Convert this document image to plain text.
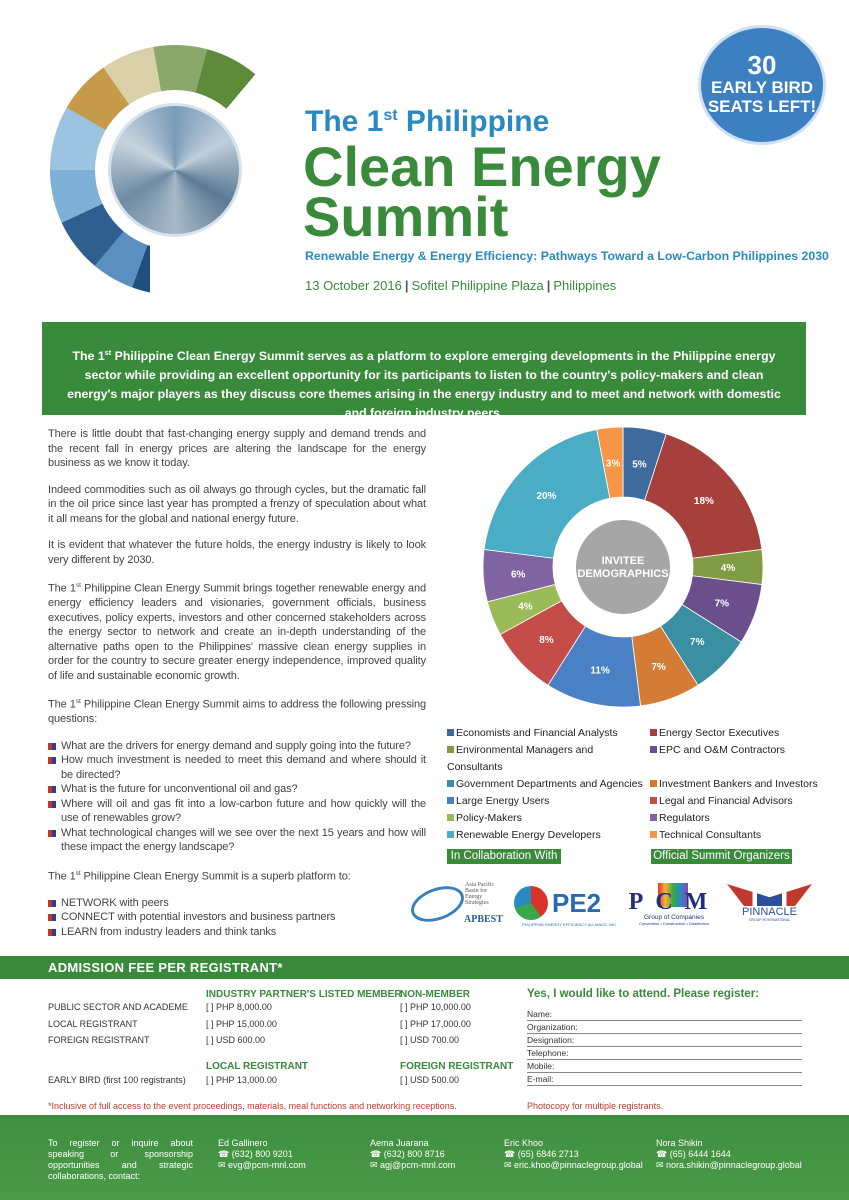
30
EARLY BIRD
SEATS LEFT!
The 1st Philippine
Clean Energy
Summit
Renewable Energy & Energy Efficiency: Pathways Toward a Low-Carbon Philippines 2030
13 October 2016 | Sofitel Philippine Plaza | Philippines
The 1st Philippine Clean Energy Summit serves as a platform to explore emerging developments in the Philippine energy sector while providing an excellent opportunity for its participants to listen to the country's policy-makers and clean energy's major players as they discuss core themes arising in the energy industry and to meet and network with domestic and foreign industry peers.

There is little doubt that fast-changing energy supply and demand trends and the recent fall in energy prices are altering the landscape for the energy business as we know it today.

Indeed commodities such as oil always go through cycles, but the dramatic fall in the oil price since last year has prompted a frenzy of speculation about what it all means for the global and national energy future.

It is evident that whatever the future holds, the energy industry is likely to look very different by 2030.

The 1st Philippine Clean Energy Summit brings together renewable energy and energy efficiency leaders and visionaries, government officials, business executives, policy experts, investors and other concerned stakeholders across the energy sector to network and create an in-depth understanding of the alternative paths open to the Philippines' massive clean energy supplies in order for the country to secure greater energy independence, improved quality of life and sustainable economic growth.

The 1st Philippine Clean Energy Summit aims to address the following pressing questions:

What are the drivers for energy demand and supply going into the future?
How much investment is needed to meet this demand and where should it be directed?
What is the future for unconventional oil and gas?
Where will oil and gas fit into a low-carbon future and how quickly will the use of renewables grow?
What technological changes will we see over the next 15 years and how will these impact the energy landscape?

The 1st Philippine Clean Energy Summit is a superb platform to:

NETWORK with peers
CONNECT with potential investors and business partners
LEARN from industry leaders and think tanks
5%
18%
4%
7%
7%
7%
11%
8%
4%
6%
20%
3%
INVITEE
DEMOGRAPHICS
Economists and Financial Analysts	Energy Sector Executives
Environmental Managers and Consultants
EPC and O&M Contractors
Government Departments and Agencies	Investment Bankers and Investors
Large Energy Users	Legal and Financial Advisors
Policy-Makers	Regulators
Renewable Energy Developers	Technical Consultants
In Collaboration With	Official Summit Organizers
Asia Pacific Basin for Energy Strategies
APBEST
PE2
PHILIPPINE ENERGY EFFICIENCY ALLIANCE, INC.
PCM
Group of Companies
Convention • Construction • Distribution
PINNACLE
GROUP INTERNATIONAL
ADMISSION FEE PER REGISTRANT*
INDUSTRY PARTNER'S LISTED MEMBER
NON-MEMBER
PUBLIC SECTOR AND ACADEME [ ] PHP 8,000.00	[ ] PHP 10,000.00
LOCAL REGISTRANT	[ ] PHP 15,000.00	[ ] PHP 17,000.00
FOREIGN REGISTRANT	[ ] USD 600.00	[ ] USD 700.00
LOCAL REGISTRANT	FOREIGN REGISTRANT
EARLY BIRD (first 100 registrants) [ ] PHP 13,000.00	[ ] USD 500.00
*Inclusive of full access to the event proceedings, materials, meal functions and networking receptions.
Yes, I would like to attend. Please register:
Name:
Organization:
Designation:
Telephone:
Mobile:
E-mail:
Photocopy for multiple registrants.
To register or inquire about speaking or sponsorship opportunities and strategic collaborations, contact:
Ed Gallinero
☎ (632) 800 9201
✉ evg@pcm-mnl.com
Aema Juarana
☎ (632) 800 8716
✉ agj@pcm-mnl.com
Eric Khoo
☎ (65) 6846 2713
✉ eric.khoo@pinnaclegroup.global
Nora Shikin
☎ (65) 6444 1644
✉ nora.shikin@pinnaclegroup.global
